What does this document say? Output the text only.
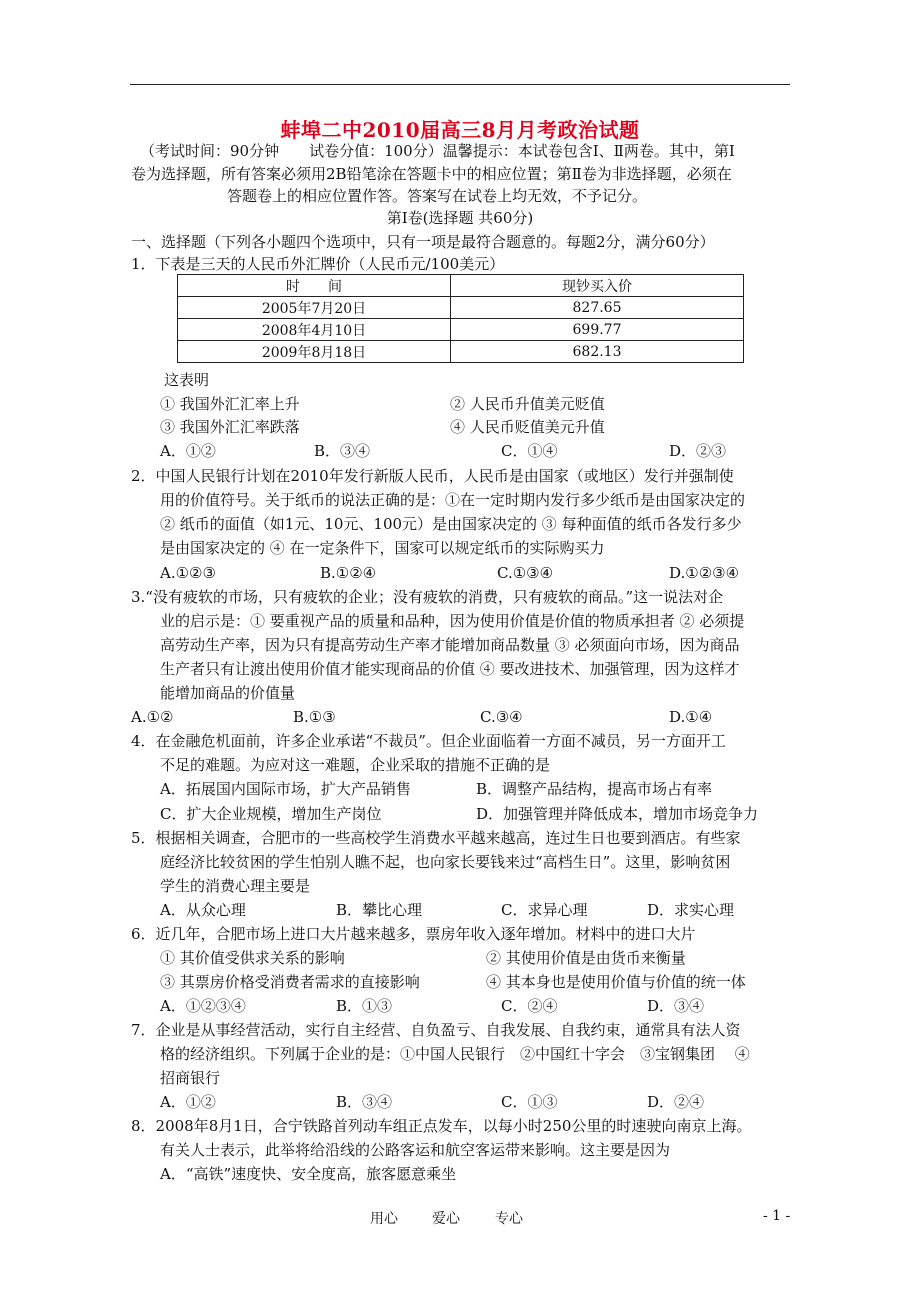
蚌埠二中2010届高三8月月考政治试题
（考试时间：90分钟　　试卷分值：100分）温馨提示：本试卷包含Ⅰ、Ⅱ两卷。其中，第Ⅰ
卷为选择题，所有答案必须用2B铅笔涂在答题卡中的相应位置；第Ⅱ卷为非选择题，必须在
答题卷上的相应位置作答。答案写在试卷上均无效，不予记分。
第Ⅰ卷(选择题 共60分)
一、选择题（下列各小题四个选项中，只有一项是最符合题意的。每题2分，满分60分）
1．下表是三天的人民币外汇牌价（人民币元/100美元）
时　　间	现钞买入价
2005年7月20日	827.65
2008年4月10日	699.77
2009年8月18日	682.13
这表明
① 我国外汇汇率上升	② 人民币升值美元贬值
③ 我国外汇汇率跌落	④ 人民币贬值美元升值
A．①②	B．③④	C．①④	D．②③
2．中国人民银行计划在2010年发行新版人民币，人民币是由国家（或地区）发行并强制使
用的价值符号。关于纸币的说法正确的是：①在一定时期内发行多少纸币是由国家决定的
② 纸币的面值（如1元、10元、100元）是由国家决定的 ③ 每种面值的纸币各发行多少
是由国家决定的 ④ 在一定条件下，国家可以规定纸币的实际购买力
A.①②③	B.①②④	C.①③④	D.①②③④
3.“没有疲软的市场，只有疲软的企业；没有疲软的消费，只有疲软的商品。”这一说法对企
业的启示是：① 要重视产品的质量和品种，因为使用价值是价值的物质承担者 ② 必须提
高劳动生产率，因为只有提高劳动生产率才能增加商品数量 ③ 必须面向市场，因为商品
生产者只有让渡出使用价值才能实现商品的价值 ④ 要改进技术、加强管理，因为这样才
能增加商品的价值量
A.①②	B.①③	C.③④	D.①④
4．在金融危机面前，许多企业承诺“不裁员”。但企业面临着一方面不减员，另一方面开工
不足的难题。为应对这一难题，企业采取的措施不正确的是
A．拓展国内国际市场，扩大产品销售	B．调整产品结构，提高市场占有率
C．扩大企业规模，增加生产岗位	D．加强管理并降低成本，增加市场竞争力
5．根据相关调查，合肥市的一些高校学生消费水平越来越高，连过生日也要到酒店。有些家
庭经济比较贫困的学生怕别人瞧不起，也向家长要钱来过“高档生日”。这里，影响贫困
学生的消费心理主要是
A．从众心理	B．攀比心理	C．求异心理	D．求实心理
6．近几年，合肥市场上进口大片越来越多，票房年收入逐年增加。材料中的进口大片
① 其价值受供求关系的影响	② 其使用价值是由货币来衡量
③ 其票房价格受消费者需求的直接影响	④ 其本身也是使用价值与价值的统一体
A．①②③④	B．①③	C．②④	D．③④
7．企业是从事经营活动，实行自主经营、自负盈亏、自我发展、自我约束，通常具有法人资
格的经济组织。下列属于企业的是：①中国人民银行　②中国红十字会　③宝钢集团　 ④
招商银行
A．①②	B．③④	C．①③	D．②④
8．2008年8月1日，合宁铁路首列动车组正点发车，以每小时250公里的时速驶向南京上海。
有关人士表示，此举将给沿线的公路客运和航空客运带来影响。这主要是因为
A．“高铁”速度快、安全度高，旅客愿意乘坐
用心 爱心	专心	- 1 -
